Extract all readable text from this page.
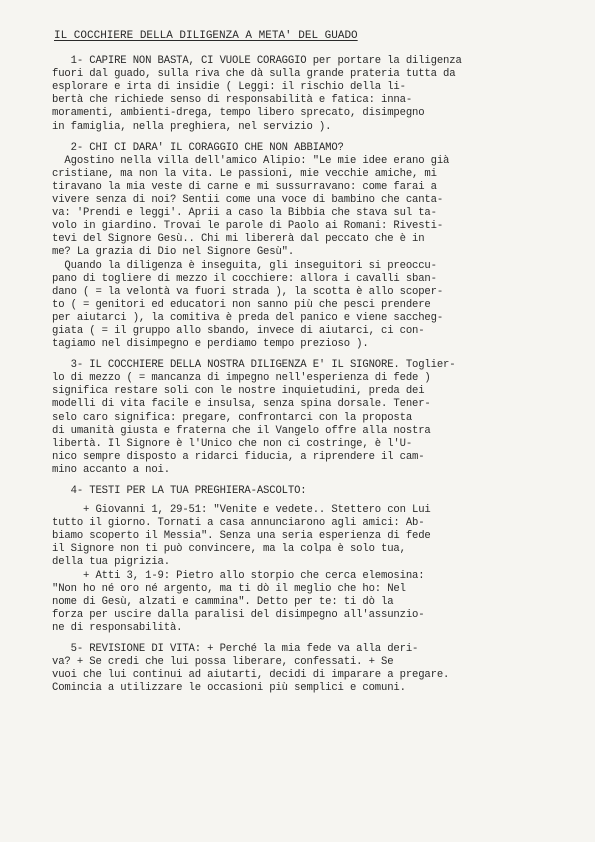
IL COCCHIERE DELLA DILIGENZA A META' DEL GUADO
1- CAPIRE NON BASTA, CI VUOLE CORAGGIO per portare la diligenza
fuori dal guado, sulla riva che dà sulla grande prateria tutta da
esplorare e irta di insidie ( Leggi: il rischio della li-
bertà che richiede senso di responsabilità e fatica: inna-
moramenti, ambienti-drega, tempo libero sprecato, disimpegno
in famiglia, nella preghiera, nel servizio ).
2- CHI CI DARA' IL CORAGGIO CHE NON ABBIAMO?
Agostino nella villa dell'amico Alipio: "Le mie idee erano già
cristiane, ma non la vita. Le passioni, mie vecchie amiche, mi
tiravano la mia veste di carne e mi sussurravano: come farai a
vivere senza di noi? Sentii come una voce di bambino che canta-
va: 'Prendi e leggi'. Aprii a caso la Bibbia che stava sul ta-
volo in giardino. Trovai le parole di Paolo ai Romani: Rivesti-
tevi del Signore Gesù.. Chi mi libererà dal peccato che è in
me? La grazia di Dio nel Signore Gesù".
Quando la diligenza è inseguita, gli inseguitori si preoccu-
pano di togliere di mezzo il cocchiere: allora i cavalli sban-
dano ( = la velontà va fuori strada ), la scotta è allo scoper-
to ( = genitori ed educatori non sanno più che pesci prendere
per aiutarci ), la comitiva è preda del panico e viene saccheg-
giata ( = il gruppo allo sbando, invece di aiutarci, ci con-
tagiamo nel disimpegno e perdiamo tempo prezioso ).
3- IL COCCHIERE DELLA NOSTRA DILIGENZA E' IL SIGNORE. Toglier-
lo di mezzo ( = mancanza di impegno nell'esperienza di fede )
significa restare soli con le nostre inquietudini, preda dei
modelli di vita facile e insulsa, senza spina dorsale. Tener-
selo caro significa: pregare, confrontarci con la proposta
di umanità giusta e fraterna che il Vangelo offre alla nostra
libertà. Il Signore è l'Unico che non ci costringe, è l'U-
nico sempre disposto a ridarci fiducia, a riprendere il cam-
mino accanto a noi.
4- TESTI PER LA TUA PREGHIERA-ASCOLTO:
+ Giovanni 1, 29-51: "Venite e vedete.. Stettero con Lui
tutto il giorno. Tornati a casa annunciarono agli amici: Ab-
biamo scoperto il Messia". Senza una seria esperienza di fede
il Signore non ti può convincere, ma la colpa è solo tua,
della tua pigrizia.
+ Atti 3, 1-9: Pietro allo storpio che cerca elemosina:
"Non ho né oro né argento, ma ti dò il meglio che ho: Nel
nome di Gesù, alzati e cammina". Detto per te: ti dò la
forza per uscire dalla paralisi del disimpegno all'assunzio-
ne di responsabilità.
5- REVISIONE DI VITA: + Perché la mia fede va alla deri-
va? + Se credi che lui possa liberare, confessati. + Se
vuoi che lui continui ad aiutarti, decidi di imparare a pregare.
Comincia a utilizzare le occasioni più semplici e comuni.
